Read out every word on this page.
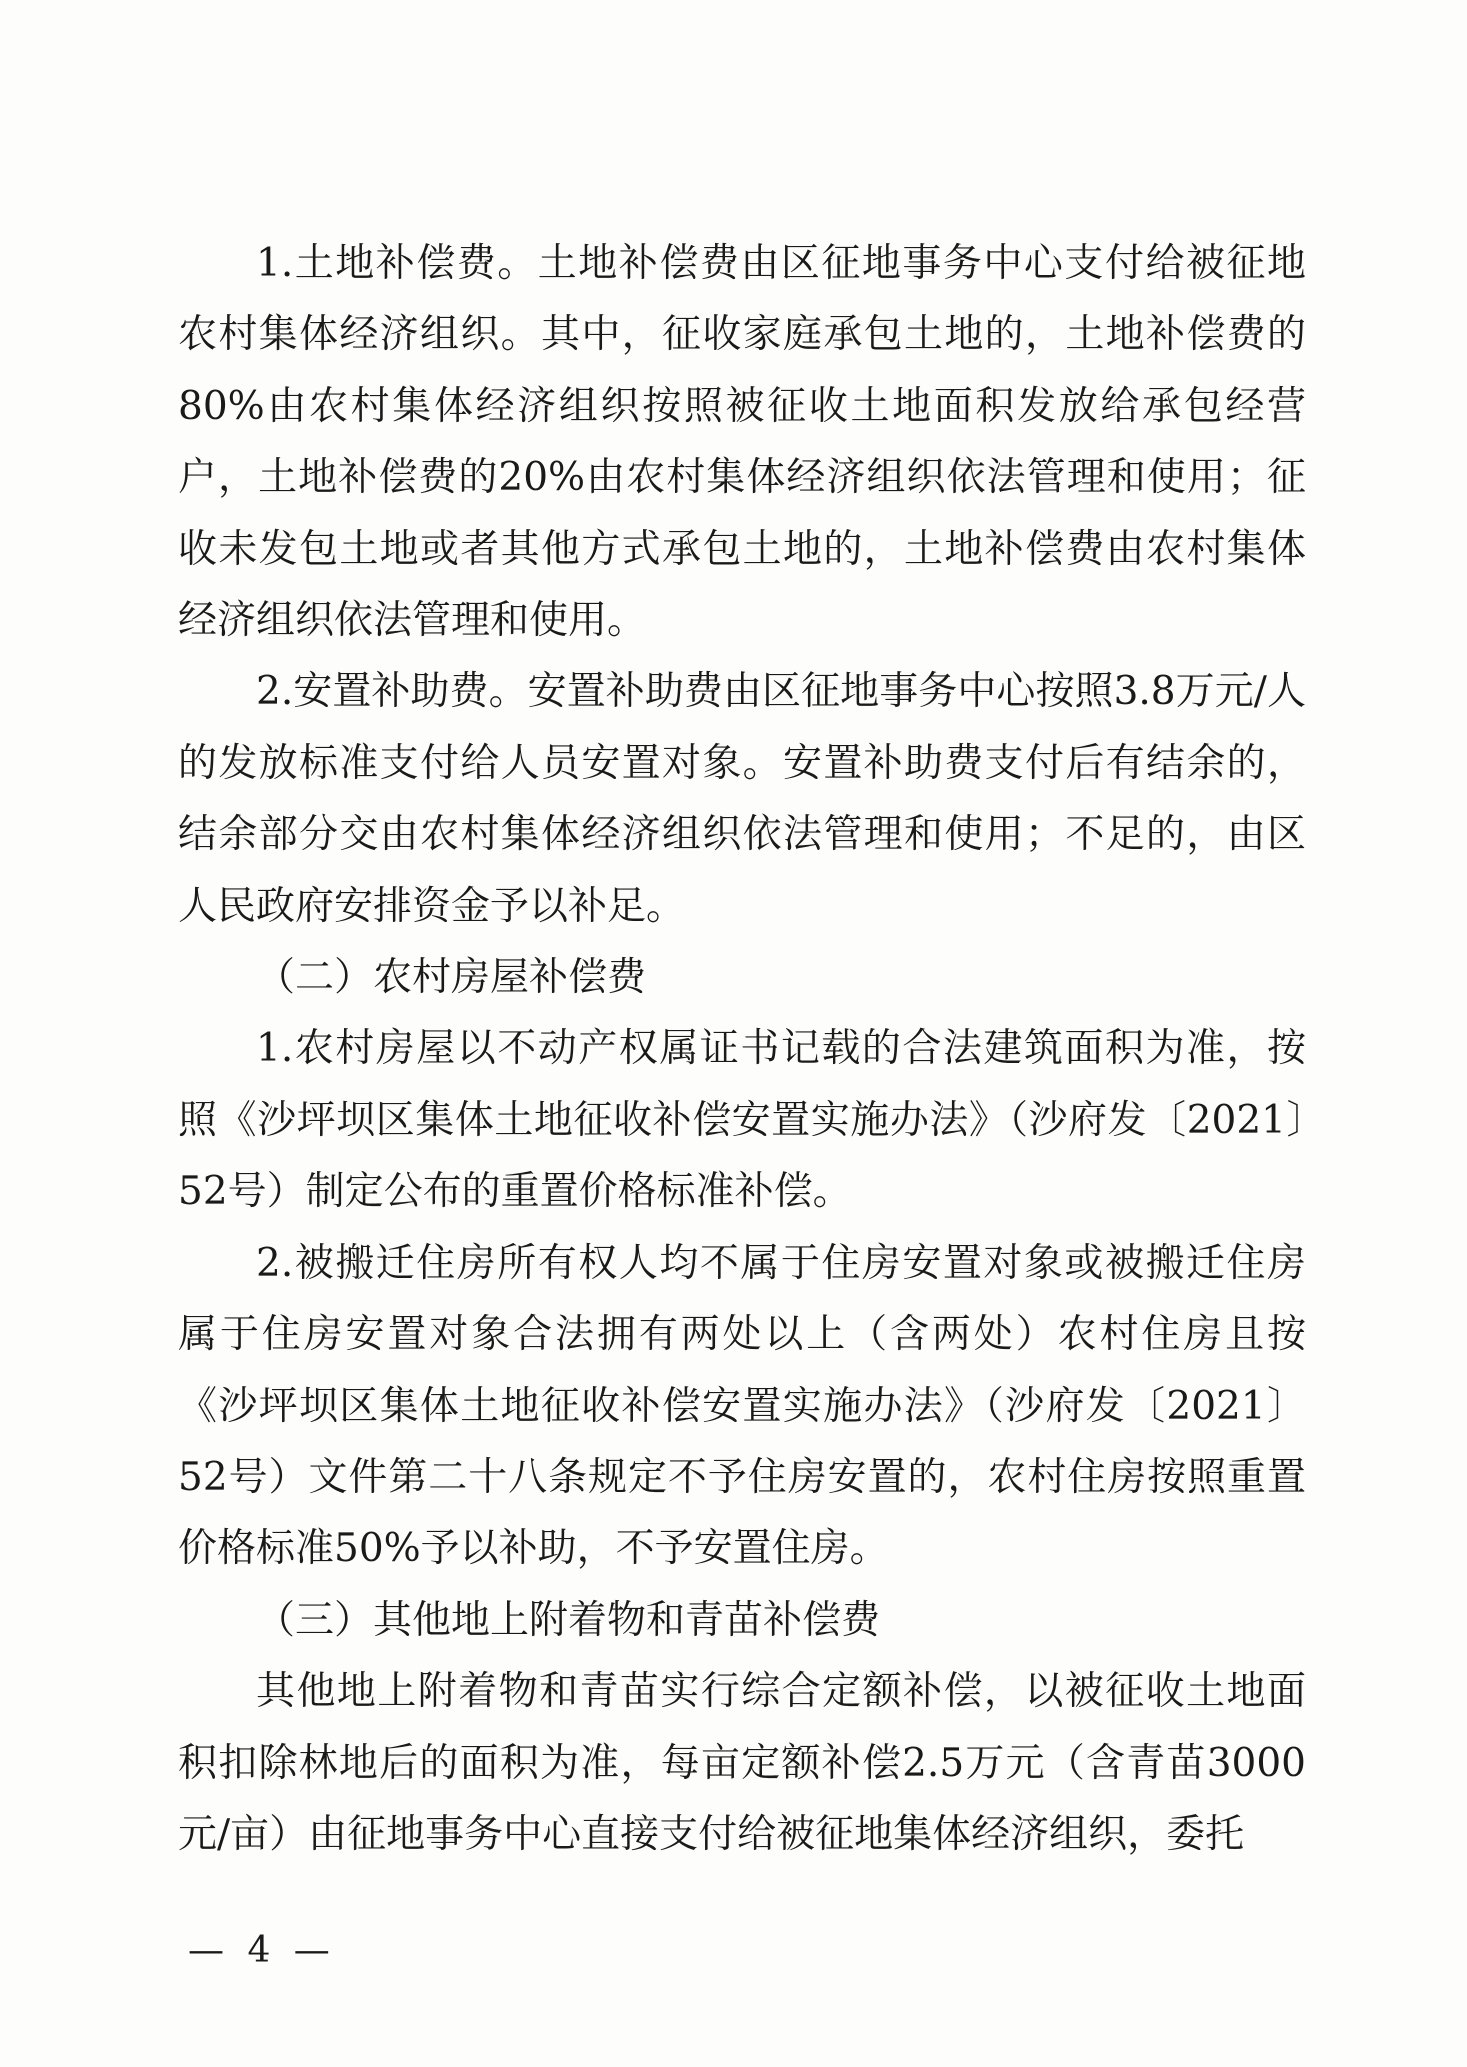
1.土地补偿费。土地补偿费由区征地事务中心支付给被征地农村集体经济组织。其中，征收家庭承包土地的，土地补偿费的80%由农村集体经济组织按照被征收土地面积发放给承包经营户，土地补偿费的20%由农村集体经济组织依法管理和使用；征收未发包土地或者其他方式承包土地的，土地补偿费由农村集体经济组织依法管理和使用。

2.安置补助费。安置补助费由区征地事务中心按照3.8万元/人的发放标准支付给人员安置对象。安置补助费支付后有结余的，结余部分交由农村集体经济组织依法管理和使用；不足的，由区人民政府安排资金予以补足。

（二）农村房屋补偿费

1.农村房屋以不动产权属证书记载的合法建筑面积为准，按照《沙坪坝区集体土地征收补偿安置实施办法》（沙府发〔2021〕52号）制定公布的重置价格标准补偿。

2.被搬迁住房所有权人均不属于住房安置对象或被搬迁住房属于住房安置对象合法拥有两处以上（含两处）农村住房且按《沙坪坝区集体土地征收补偿安置实施办法》（沙府发〔2021〕52号）文件第二十八条规定不予住房安置的，农村住房按照重置价格标准50%予以补助，不予安置住房。

（三）其他地上附着物和青苗补偿费

其他地上附着物和青苗实行综合定额补偿，以被征收土地面积扣除林地后的面积为准，每亩定额补偿2.5万元（含青苗3000元/亩）由征地事务中心直接支付给被征地集体经济组织，委托

— 4 —
